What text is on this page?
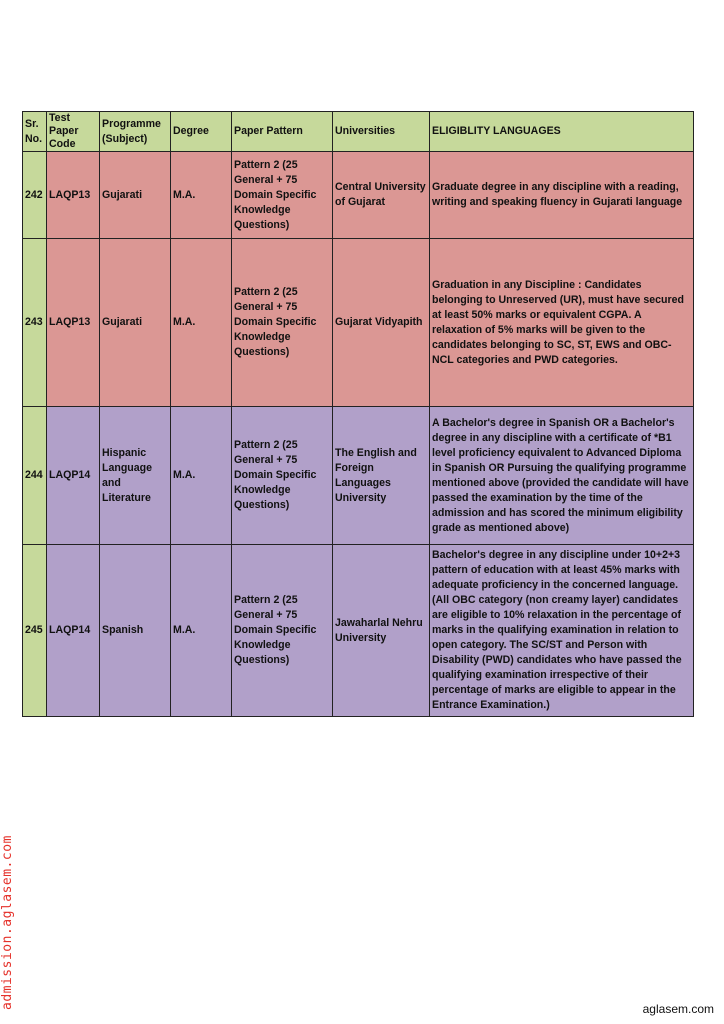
Sr. No.	Test Paper Code	Programme (Subject)	Degree	Paper Pattern	Universities	ELIGIBLITY LANGUAGES
242	LAQP13	Gujarati	M.A.	Pattern 2 (25 General + 75 Domain Specific Knowledge Questions)	Central University of Gujarat	Graduate degree in any discipline with a reading, writing and speaking fluency in Gujarati language
243	LAQP13	Gujarati	M.A.	Pattern 2 (25 General + 75 Domain Specific Knowledge Questions)	Gujarat Vidyapith	Graduation in any Discipline : Candidates belonging to Unreserved (UR), must have secured at least 50% marks or equivalent CGPA. A relaxation of 5% marks will be given to the candidates belonging to SC, ST, EWS and OBC-NCL categories and PWD categories.
244	LAQP14	Hispanic Language and Literature	M.A.	Pattern 2 (25 General + 75 Domain Specific Knowledge Questions)	The English and Foreign Languages University	A Bachelor's degree in Spanish OR a Bachelor's degree in any discipline with a certificate of *B1 level proficiency equivalent to Advanced Diploma in Spanish OR Pursuing the qualifying programme mentioned above (provided the candidate will have passed the examination by the time of the admission and has scored the minimum eligibility grade as mentioned above)
245	LAQP14	Spanish	M.A.	Pattern 2 (25 General + 75 Domain Specific Knowledge Questions)	Jawaharlal Nehru University	Bachelor's degree in any discipline under 10+2+3 pattern of education with at least 45% marks with adequate proficiency in the concerned language. (All OBC category (non creamy layer) candidates are eligible to 10% relaxation in the percentage of marks in the qualifying examination in relation to open category. The SC/ST and Person with Disability (PWD) candidates who have passed the qualifying examination irrespective of their percentage of marks are eligible to appear in the Entrance Examination.)
admission.aglasem.com	aglasem.com
